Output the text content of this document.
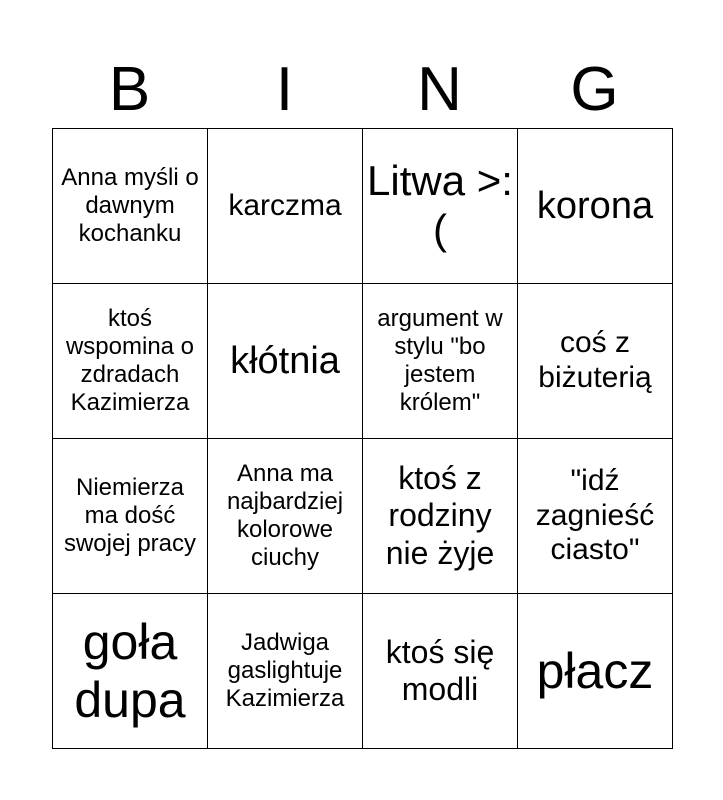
B	I	N	G
Anna myśli o dawnym kochanku	karczma	Litwa >:(	korona
ktoś wspomina o zdradach Kazimierza	kłótnia	argument w stylu "bo jestem królem"	coś z biżuterią
Niemierza ma dość swojej pracy	Anna ma najbardziej kolorowe ciuchy	ktoś z rodziny nie żyje	"idź zagnieść ciasto"
goła dupa	Jadwiga gaslightuje Kazimierza	ktoś się modli	płacz
